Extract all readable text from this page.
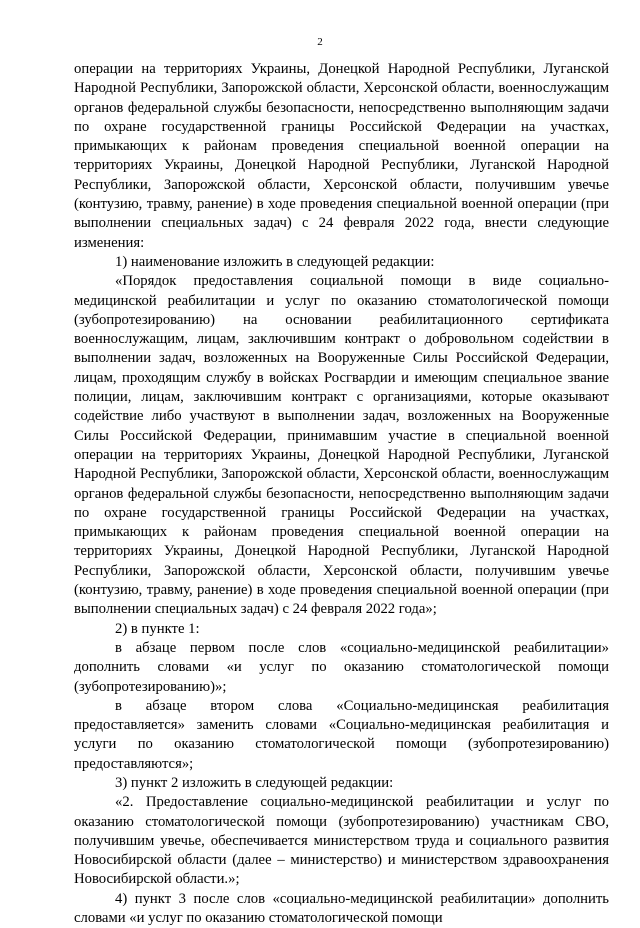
2

операции на территориях Украины, Донецкой Народной Республики, Луганской Народной Республики, Запорожской области, Херсонской области, военнослужащим органов федеральной службы безопасности, непосредственно выполняющим задачи по охране государственной границы Российской Федерации на участках, примыкающих к районам проведения специальной военной операции на территориях Украины, Донецкой Народной Республики, Луганской Народной Республики, Запорожской области, Херсонской области, получившим увечье (контузию, травму, ранение) в ходе проведения специальной военной операции (при выполнении специальных задач) с 24 февраля 2022 года, внести следующие изменения:

1) наименование изложить в следующей редакции:

«Порядок предоставления социальной помощи в виде социально-медицинской реабилитации и услуг по оказанию стоматологической помощи (зубопротезированию) на основании реабилитационного сертификата военнослужащим, лицам, заключившим контракт о добровольном содействии в выполнении задач, возложенных на Вооруженные Силы Российской Федерации, лицам, проходящим службу в войсках Росгвардии и имеющим специальное звание полиции, лицам, заключившим контракт с организациями, которые оказывают содействие либо участвуют в выполнении задач, возложенных на Вооруженные Силы Российской Федерации, принимавшим участие в специальной военной операции на территориях Украины, Донецкой Народной Республики, Луганской Народной Республики, Запорожской области, Херсонской области, военнослужащим органов федеральной службы безопасности, непосредственно выполняющим задачи по охране государственной границы Российской Федерации на участках, примыкающих к районам проведения специальной военной операции на территориях Украины, Донецкой Народной Республики, Луганской Народной Республики, Запорожской области, Херсонской области, получившим увечье (контузию, травму, ранение) в ходе проведения специальной военной операции (при выполнении специальных задач) с 24 февраля 2022 года»;

2) в пункте 1:

в абзаце первом после слов «социально-медицинской реабилитации» дополнить словами «и услуг по оказанию стоматологической помощи (зубопротезированию)»;

в абзаце втором слова «Социально-медицинская реабилитация предоставляется» заменить словами «Социально-медицинская реабилитация и услуги по оказанию стоматологической помощи (зубопротезированию) предоставляются»;

3) пункт 2 изложить в следующей редакции:

«2. Предоставление социально-медицинской реабилитации и услуг по оказанию стоматологической помощи (зубопротезированию) участникам СВО, получившим увечье, обеспечивается министерством труда и социального развития Новосибирской области (далее – министерство) и министерством здравоохранения Новосибирской области.»;

4) пункт 3 после слов «социально-медицинской реабилитации» дополнить словами «и услуг по оказанию стоматологической помощи
